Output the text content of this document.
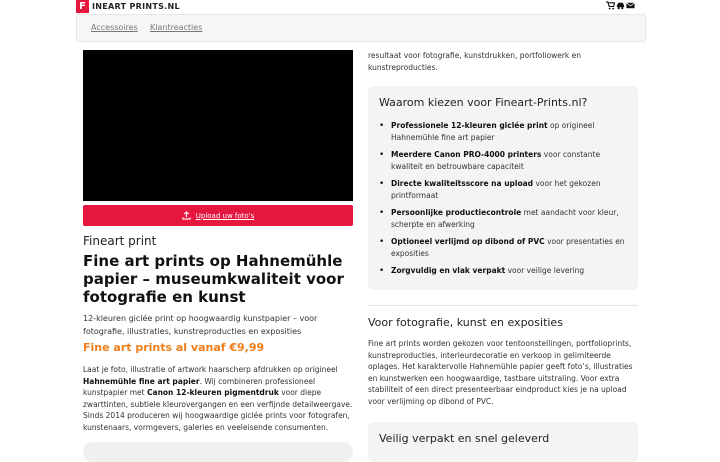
F INEART PRINTS.NL
Accessoires Klantreacties
Upload uw foto's
Fineart print
Fine art prints op Hahnemühle papier – museumkwaliteit voor fotografie en kunst
12-kleuren giclée print op hoogwaardig kunstpapier – voor fotografie, illustraties, kunstreproducties en exposities
Fine art prints al vanaf €9,99
Laat je foto, illustratie of artwork haarscherp afdrukken op origineel Hahnemühle fine art papier. Wij combineren professioneel kunstpapier met Canon 12-kleuren pigmentdruk voor diepe zwarttinten, subtiele kleurovergangen en een verfijnde detailweergave. Sinds 2014 produceren wij hoogwaardige giclée prints voor fotografen, kunstenaars, vormgevers, galeries en veeleisende consumenten.
resultaat voor fotografie, kunstdrukken, portfoliowerk en kunstreproducties.
Waarom kiezen voor Fineart-Prints.nl?
• Professionele 12-kleuren giclée print op origineel Hahnemühle fine art papier
• Meerdere Canon PRO-4000 printers voor constante kwaliteit en betrouwbare capaciteit
• Directe kwaliteitsscore na upload voor het gekozen printformaat
• Persoonlijke productiecontrole met aandacht voor kleur, scherpte en afwerking
• Optioneel verlijmd op dibond of PVC voor presentaties en exposities
• Zorgvuldig en vlak verpakt voor veilige levering
Voor fotografie, kunst en exposities
Fine art prints worden gekozen voor tentoonstellingen, portfolioprints, kunstreproducties, interieurdecoratie en verkoop in gelimiteerde oplages. Het karaktervolle Hahnemühle papier geeft foto’s, illustraties en kunstwerken een hoogwaardige, tastbare uitstraling. Voor extra stabiliteit of een direct presenteerbaar eindproduct kies je na upload voor verlijming op dibond of PVC.
Veilig verpakt en snel geleverd
